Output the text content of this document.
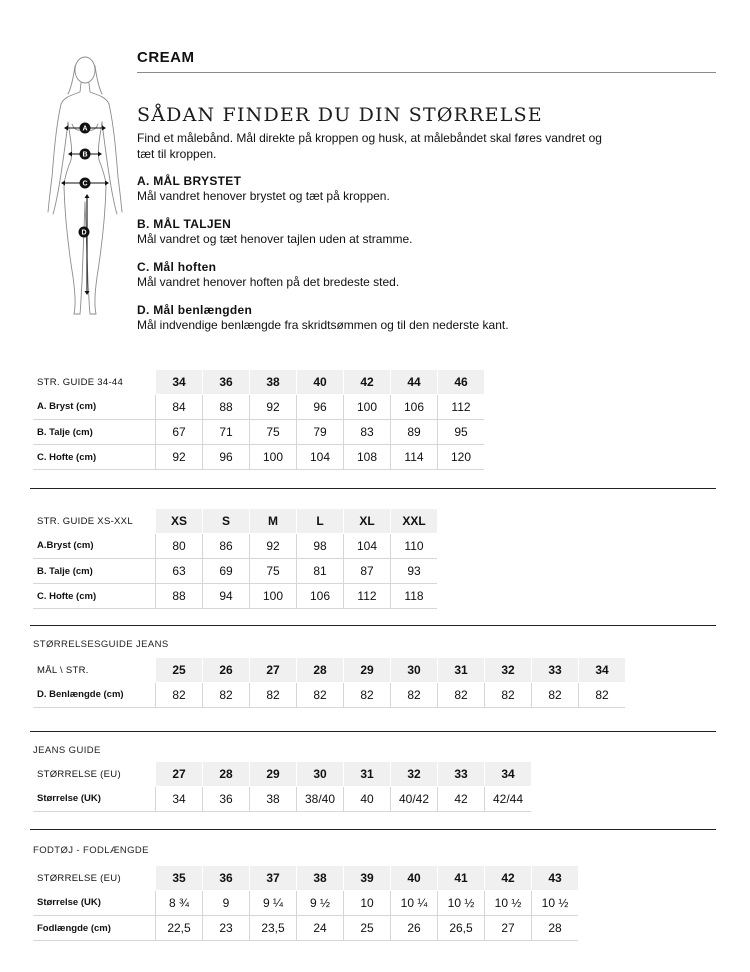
CREAM
A
B
C
D
SÅDAN FINDER DU DIN STØRRELSE
Find et målebånd. Mål direkte på kroppen og husk, at målebåndet skal føres vandret og tæt til kroppen.
A. MÅL BRYSTET
Mål vandret henover brystet og tæt på kroppen.
B. MÅL TALJEN
Mål vandret og tæt henover tajlen uden at stramme.
C. Mål hoften
Mål vandret henover hoften på det bredeste sted.
D. Mål benlængden
Mål indvendige benlængde fra skridtsømmen og til den nederste kant.
STR. GUIDE 34-44	34	36	38	40	42	44	46
A. Bryst (cm)	84	88	92	96	100	106	112
B. Talje (cm)	67	71	75	79	83	89	95
C. Hofte (cm)	92	96	100	104	108	114	120
STR. GUIDE XS-XXL	XS	S	M	L	XL	XXL
A.Bryst (cm)	80	86	92	98	104	110
B. Talje (cm)	63	69	75	81	87	93
C. Hofte (cm)	88	94	100	106	112	118
STØRRELSESGUIDE JEANS
MÅL \ STR.	25	26	27	28	29	30	31	32	33	34
D. Benlængde (cm)	82	82	82	82	82	82	82	82	82	82
JEANS GUIDE
STØRRELSE (EU)	27	28	29	30	31	32	33	34
Størrelse (UK)	34	36	38	38/40	40	40/42	42	42/44
FODTØJ - FODLÆNGDE
STØRRELSE (EU)	35	36	37	38	39	40	41	42	43
Størrelse (UK)	8 ¾	9	9 ¼	9 ½	10	10 ¼	10 ½	10 ½	10 ½
Fodlængde (cm)	22,5	23	23,5	24	25	26	26,5	27	28
